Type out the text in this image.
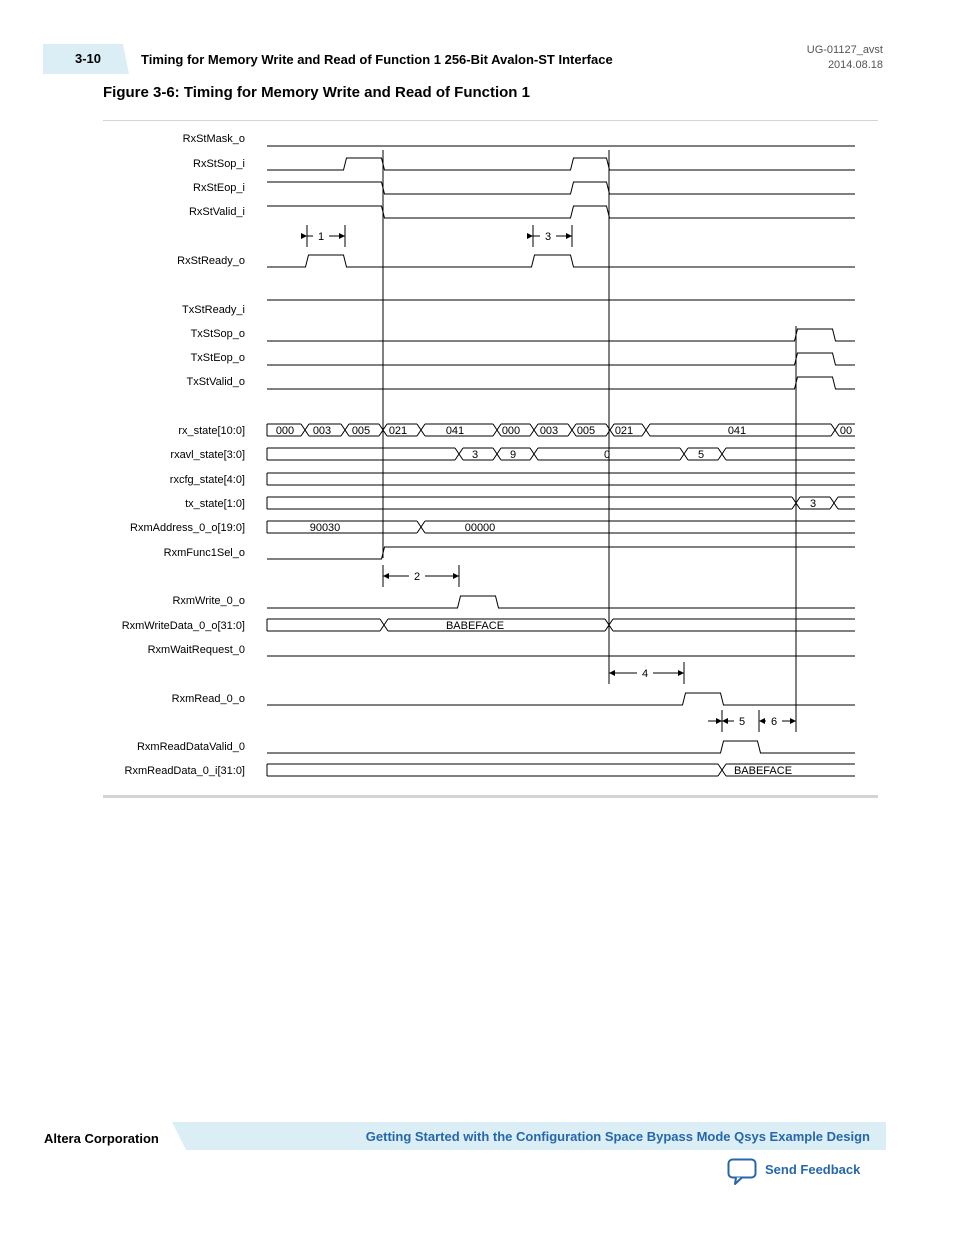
3-10	Timing for Memory Write and Read of Function 1 256-Bit Avalon-ST Interface
UG-01127_avst
2014.08.18
Figure 3-6: Timing for Memory Write and Read of Function 1
RxStMask_o
RxStSop_i
RxStEop_i
RxStValid_i
RxStReady_o
TxStReady_i
TxStSop_o
TxStEop_o
TxStValid_o
rx_state[10:0]
rxavl_state[3:0]
rxcfg_state[4:0]
tx_state[1:0]
RxmAddress_0_o[19:0]
RxmFunc1Sel_o
RxmWrite_0_o
RxmWriteData_0_o[31:0]
RxmWaitRequest_0
RxmRead_0_o
RxmReadDataValid_0
RxmReadData_0_i[31:0]
000 003 005 021	041	000 003 005 021	041	00
3	9	0	5
3
90030	00000
BABEFACE
BABEFACE
1
2
3
4
5 6
Altera Corporation	Getting Started with the Configuration Space Bypass Mode Qsys Example Design
Send Feedback
